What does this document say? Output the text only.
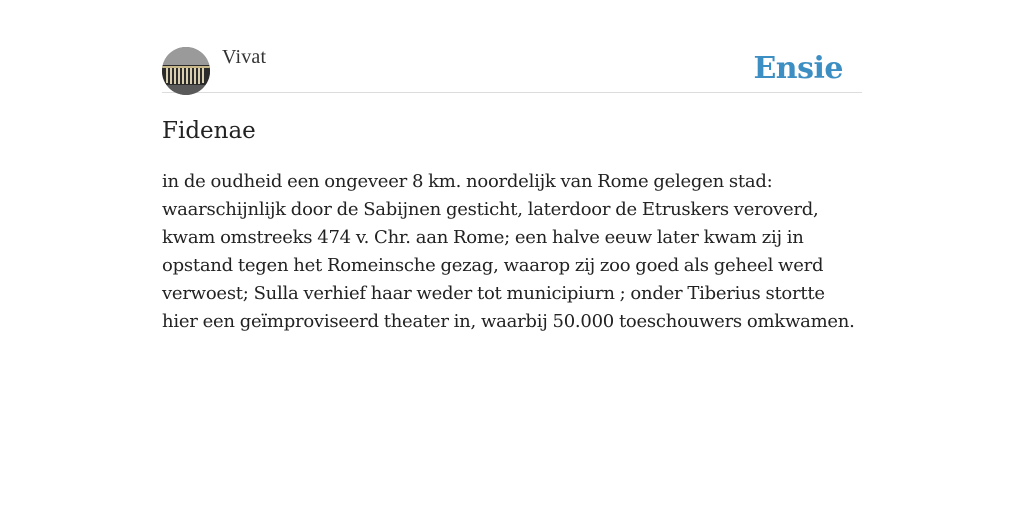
Vivat	Ensie
Fidenae

in de oudheid een ongeveer 8 km. noordelijk van Rome gelegen stad: waarschijnlijk door de Sabijnen gesticht, laterdoor de Etruskers veroverd, kwam omstreeks 474 v. Chr. aan Rome; een halve eeuw later kwam zij in opstand tegen het Romeinsche gezag, waarop zij zoo goed als geheel werd verwoest; Sulla verhief haar weder tot municipiurn ; onder Tiberius stortte hier een geïmproviseerd theater in, waarbij 50.000 toeschouwers omkwamen.
